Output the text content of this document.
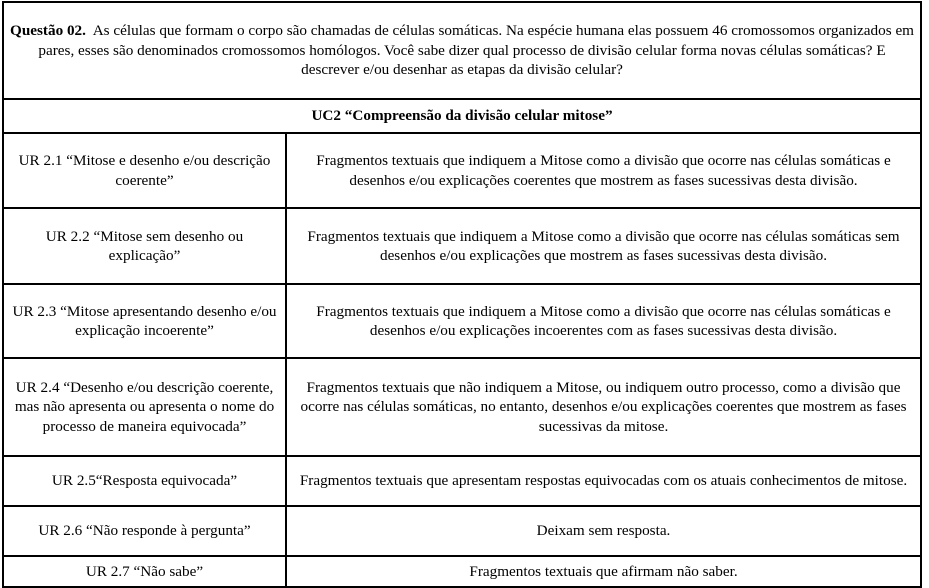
Questão 02. As células que formam o corpo são chamadas de células somáticas. Na espécie humana elas possuem 46 cromossomos organizados em pares, esses são denominados cromossomos homólogos. Você sabe dizer qual processo de divisão celular forma novas células somáticas? E descrever e/ou desenhar as etapas da divisão celular?	
UC2 “Compreensão da divisão celular mitose”	
UR 2.1 “Mitose e desenho e/ou descrição coerente”	Fragmentos textuais que indiquem a Mitose como a divisão que ocorre nas células somáticas e desenhos e/ou explicações coerentes que mostrem as fases sucessivas desta divisão.
UR 2.2 “Mitose sem desenho ou explicação”	Fragmentos textuais que indiquem a Mitose como a divisão que ocorre nas células somáticas sem desenhos e/ou explicações que mostrem as fases sucessivas desta divisão.
UR 2.3 “Mitose apresentando desenho e/ou explicação incoerente”	Fragmentos textuais que indiquem a Mitose como a divisão que ocorre nas células somáticas e desenhos e/ou explicações incoerentes com as fases sucessivas desta divisão.
UR 2.4 “Desenho e/ou descrição coerente, mas não apresenta ou apresenta o nome do processo de maneira equivocada”	Fragmentos textuais que não indiquem a Mitose, ou indiquem outro processo, como a divisão que ocorre nas células somáticas, no entanto, desenhos e/ou explicações coerentes que mostrem as fases sucessivas da mitose.
UR 2.5“Resposta equivocada”	Fragmentos textuais que apresentam respostas equivocadas com os atuais conhecimentos de mitose.
UR 2.6 “Não responde à pergunta”	Deixam sem resposta.
UR 2.7 “Não sabe”	Fragmentos textuais que afirmam não saber.
